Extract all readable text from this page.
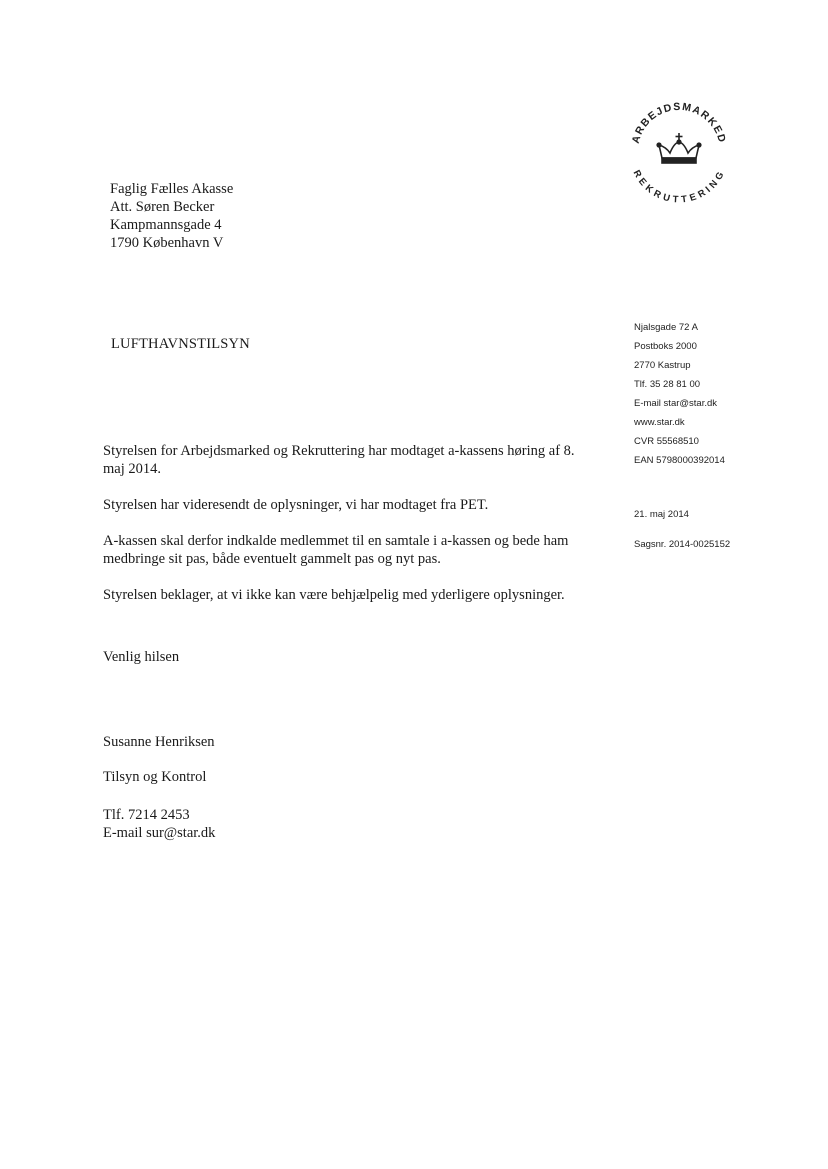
ARBEJDSMARKED
REKRUTTERING
Faglig Fælles Akasse
Att. Søren Becker
Kampmannsgade 4
1790 København V
LUFTHAVNSTILSYN
Njalsgade 72 A
Postboks 2000
2770 Kastrup
Tlf. 35 28 81 00
E-mail star@star.dk
www.star.dk
CVR 55568510
EAN 5798000392014
21. maj 2014
Sagsnr. 2014-0025152

Styrelsen for Arbejdsmarked og Rekruttering har modtaget a-kassens høring af 8. maj 2014.

Styrelsen har videresendt de oplysninger, vi har modtaget fra PET.

A-kassen skal derfor indkalde medlemmet til en samtale i a-kassen og bede ham medbringe sit pas, både eventuelt gammelt pas og nyt pas.

Styrelsen beklager, at vi ikke kan være behjælpelig med yderligere oplysninger.

Venlig hilsen
Susanne Henriksen
Tilsyn og Kontrol
Tlf. 7214 2453
E-mail sur@star.dk
